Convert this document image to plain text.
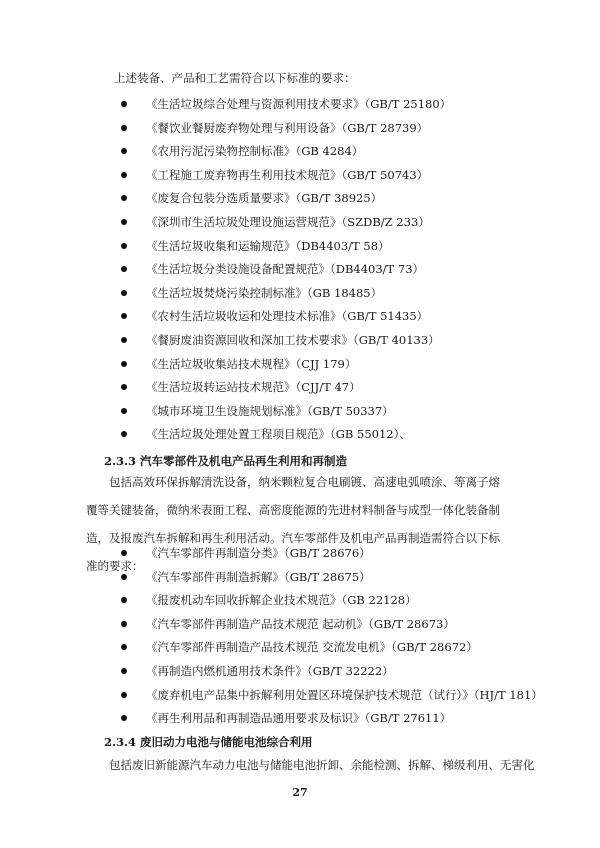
上述装备、产品和工艺需符合以下标准的要求：
《生活垃圾综合处理与资源利用技术要求》（GB/T 25180）
《餐饮业餐厨废弃物处理与利用设备》（GB/T 28739）
《农用污泥污染物控制标准》（GB 4284）
《工程施工废弃物再生利用技术规范》（GB/T 50743）
《废复合包装分选质量要求》（GB/T 38925）
《深圳市生活垃圾处理设施运营规范》（SZDB/Z 233）
《生活垃圾收集和运输规范》（DB4403/T 58）
《生活垃圾分类设施设备配置规范》（DB4403/T 73）
《生活垃圾焚烧污染控制标准》（GB 18485）
《农村生活垃圾收运和处理技术标准》（GB/T 51435）
《餐厨废油资源回收和深加工技术要求》（GB/T 40133）
《生活垃圾收集站技术规程》（CJJ 179）
《生活垃圾转运站技术规范》（CJJ/T 47）
《城市环境卫生设施规划标准》（GB/T 50337）
《生活垃圾处理处置工程项目规范》（GB 55012）、
2.3.3 汽车零部件及机电产品再生利用和再制造
包括高效环保拆解清洗设备，纳米颗粒复合电刷镀、高速电弧喷涂、等离子熔覆等关键装备，微纳米表面工程、高密度能源的先进材料制备与成型一体化装备制造，及报废汽车拆解和再生利用活动。汽车零部件及机电产品再制造需符合以下标准的要求：
《汽车零部件再制造分类》（GB/T 28676）
《汽车零部件再制造拆解》（GB/T 28675）
《报废机动车回收拆解企业技术规范》（GB 22128）
《汽车零部件再制造产品技术规范 起动机》（GB/T 28673）
《汽车零部件再制造产品技术规范 交流发电机》（GB/T 28672）
《再制造内燃机通用技术条件》（GB/T 32222）
《废弃机电产品集中拆解利用处置区环境保护技术规范（试行）》（HJ/T 181）
《再生利用品和再制造品通用要求及标识》（GB/T 27611）
2.3.4 废旧动力电池与储能电池综合利用
包括废旧新能源汽车动力电池与储能电池折卸、余能检测、拆解、梯级利用、无害化
27
